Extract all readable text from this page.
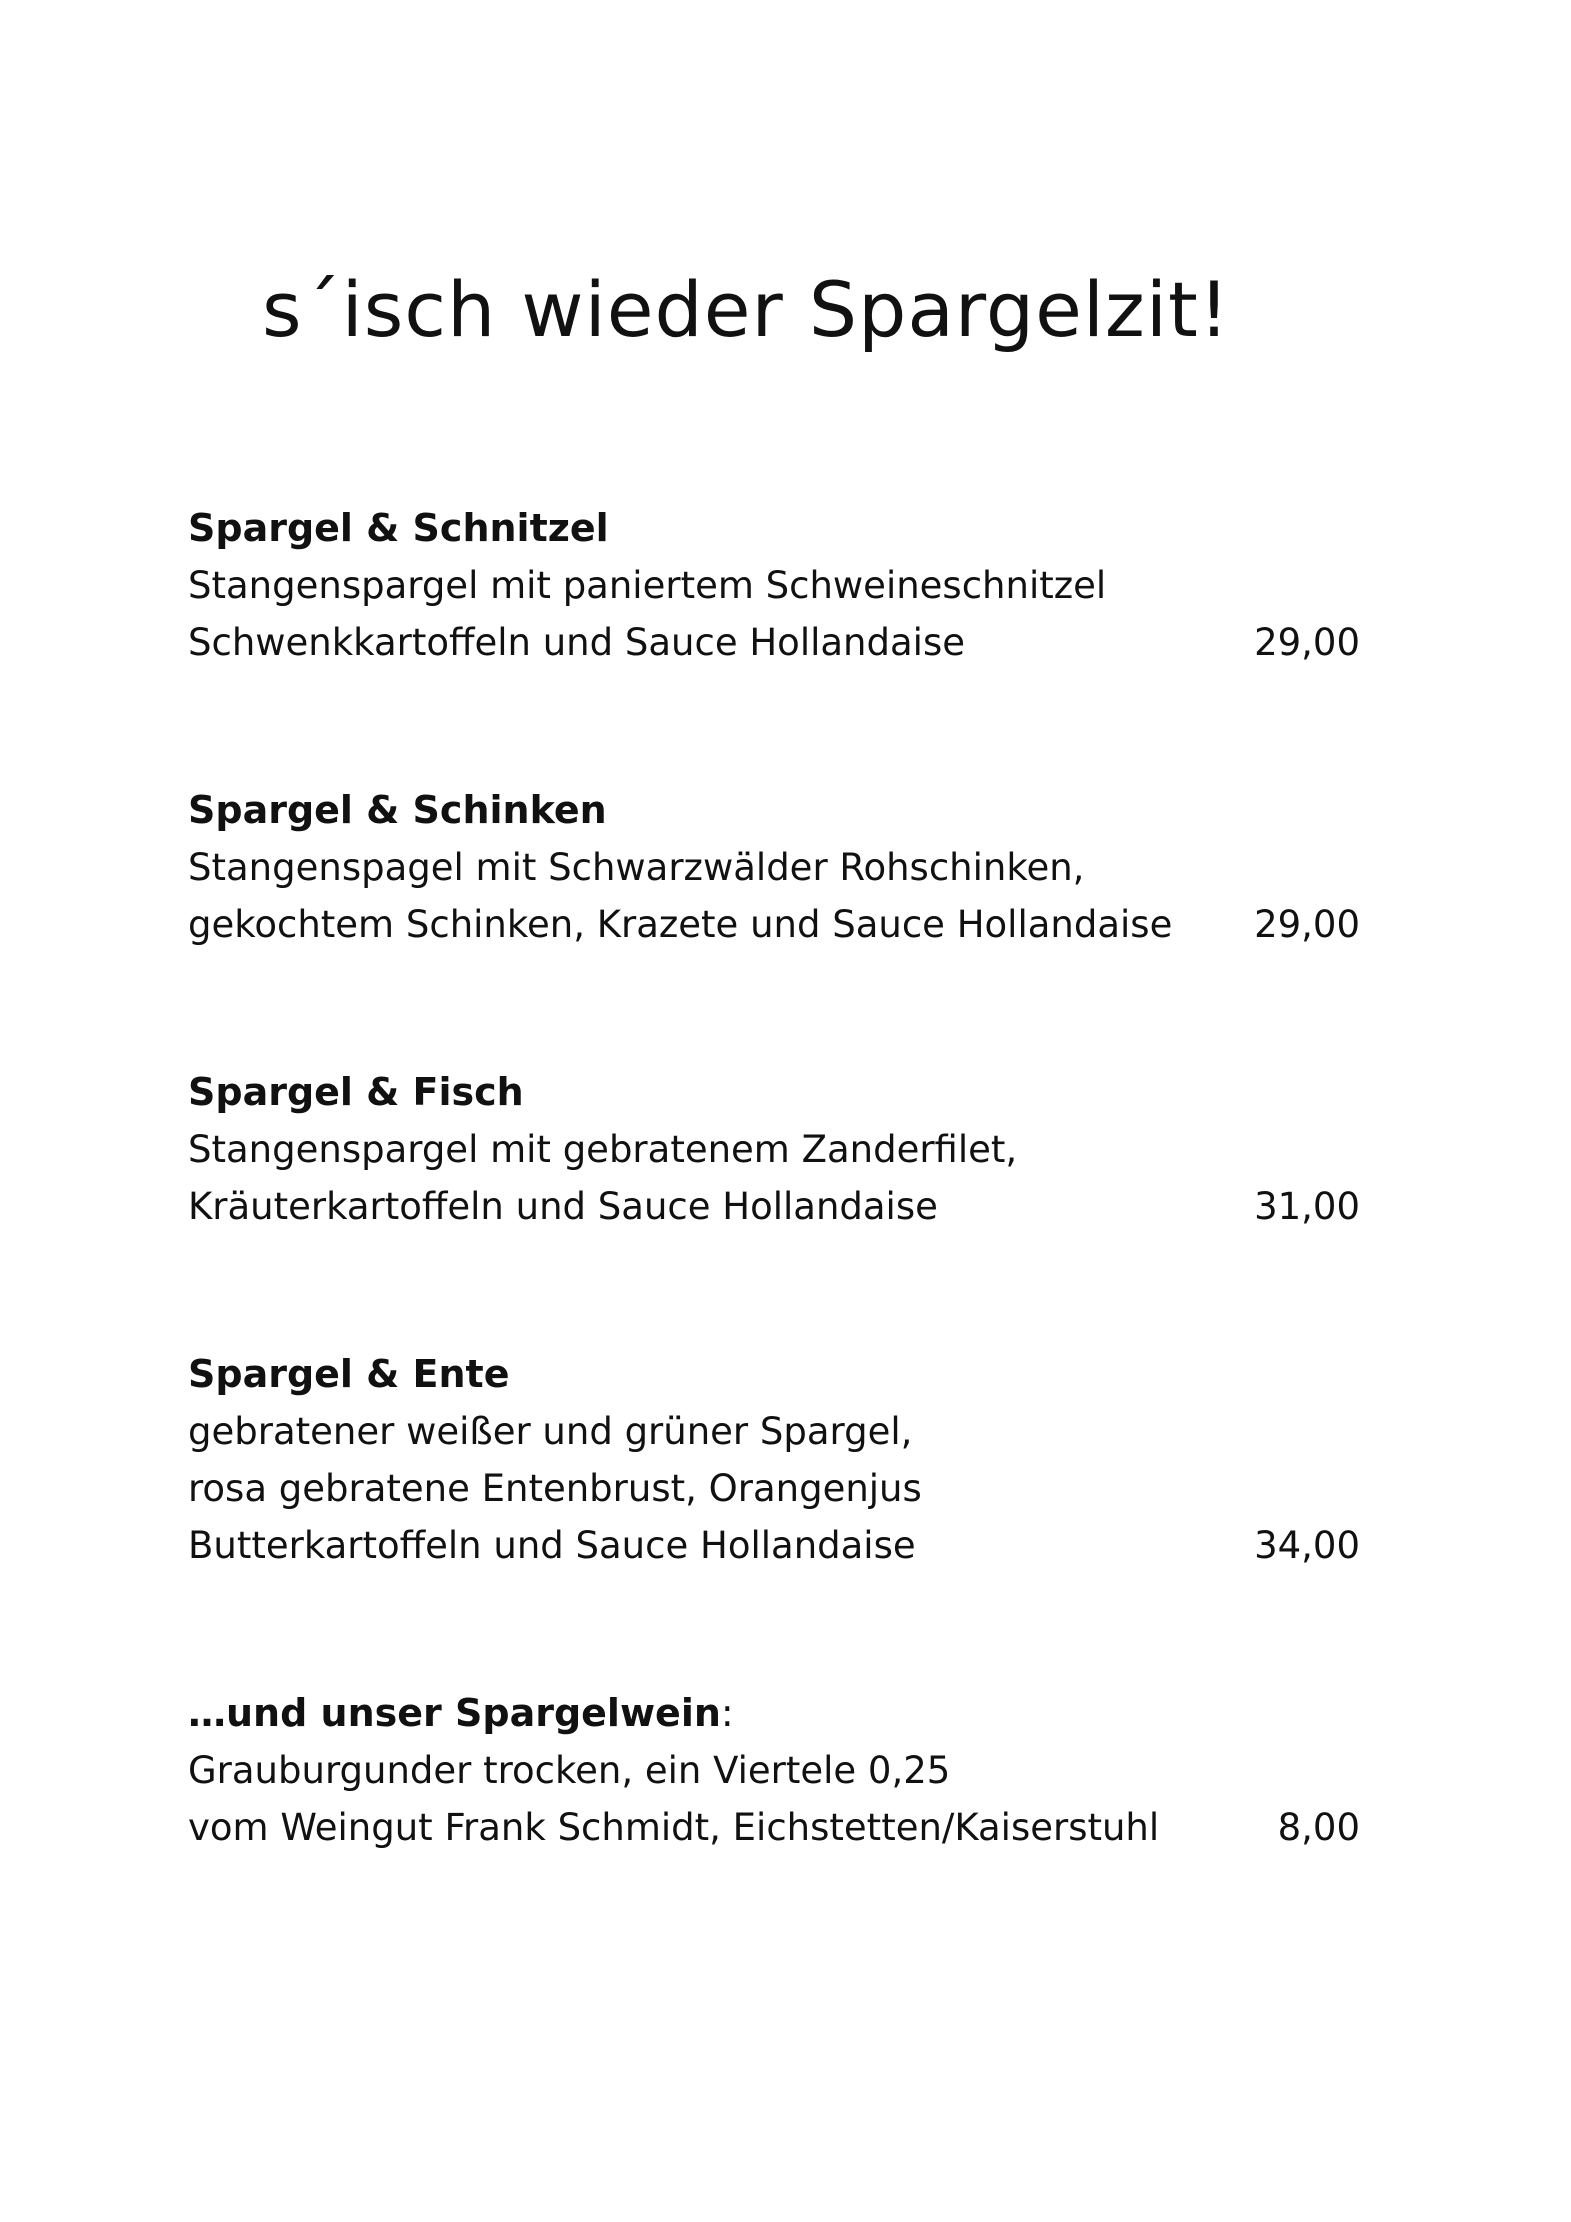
s´isch wieder Spargelzit!
Spargel & Schnitzel
Stangenspargel mit paniertem Schweineschnitzel
Schwenkkartoffeln und Sauce Hollandaise	29,00
Spargel & Schinken
Stangenspagel mit Schwarzwälder Rohschinken,
gekochtem Schinken, Krazete und Sauce Hollandaise	29,00
Spargel & Fisch
Stangenspargel mit gebratenem Zanderfilet,
Kräuterkartoffeln und Sauce Hollandaise	31,00
Spargel & Ente
gebratener weißer und grüner Spargel,
rosa gebratene Entenbrust, Orangenjus
Butterkartoffeln und Sauce Hollandaise	34,00
…und unser Spargelwein:
Grauburgunder trocken, ein Viertele 0,25
vom Weingut Frank Schmidt, Eichstetten/Kaiserstuhl	8,00
